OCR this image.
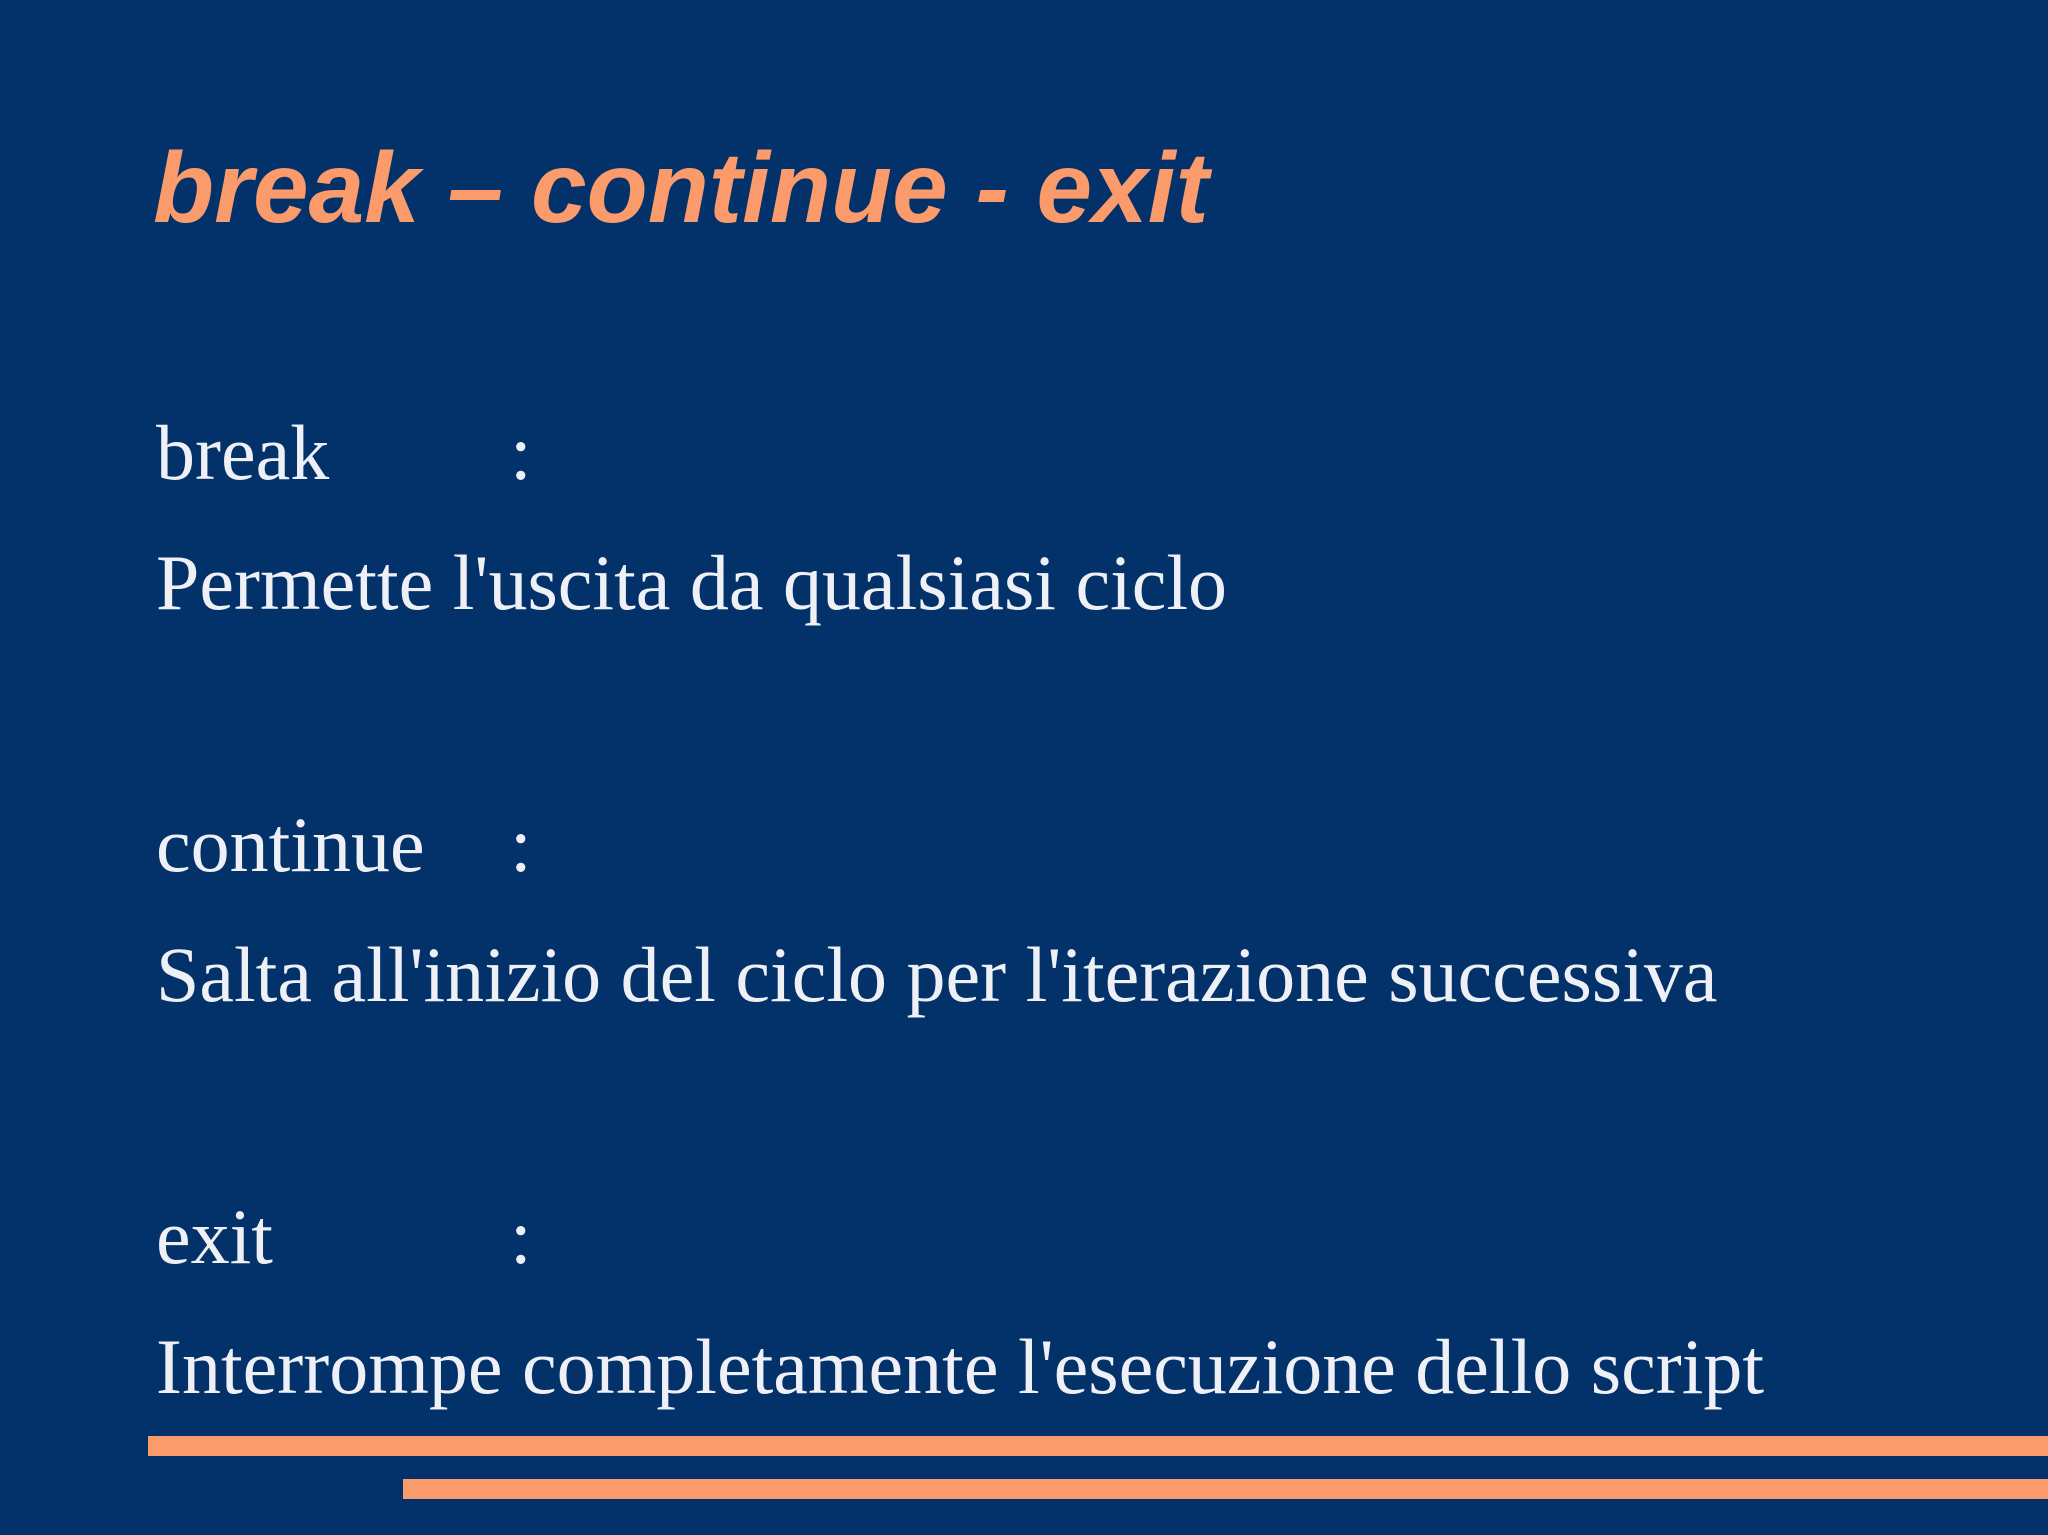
break – continue - exit
break :

Permette l'uscita da qualsiasi ciclo

continue :

Salta all'inizio del ciclo per l'iterazione successiva

exit	:

Interrompe completamente l'esecuzione dello script
